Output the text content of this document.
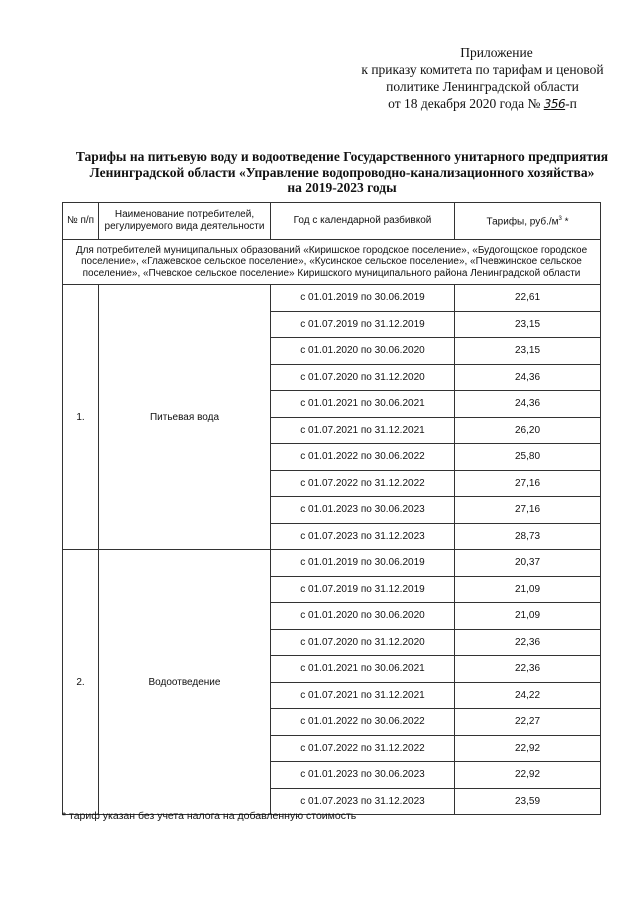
Приложение
к приказу комитета по тарифам и ценовой
политике Ленинградской области
от 18 декабря 2020 года № 356-п
Тарифы на питьевую воду и водоотведение Государственного унитарного предприятия
Ленинградской области «Управление водопроводно-канализационного хозяйства»
на 2019-2023 годы
№ п/п	Наименование потребителей, регулируемого вида деятельности	Год с календарной разбивкой	Тарифы, $руб./м^3$ *
Для потребителей муниципальных образований «Киришское городское поселение», «Будогощское городское поселение», «Глажевское сельское поселение», «Кусинское сельское поселение», «Пчевжинское сельское поселение», «Пчевское сельское поселение» Киришского муниципального района Ленинградской области			
1.	Питьевая вода	с 01.01.2019 по 30.06.2019	22,61
		с 01.07.2019 по 31.12.2019	23,15
		с 01.01.2020 по 30.06.2020	23,15
		с 01.07.2020 по 31.12.2020	24,36
		с 01.01.2021 по 30.06.2021	24,36
		с 01.07.2021 по 31.12.2021	26,20
		с 01.01.2022 по 30.06.2022	25,80
		с 01.07.2022 по 31.12.2022	27,16
		с 01.01.2023 по 30.06.2023	27,16
		с 01.07.2023 по 31.12.2023	28,73
2.	Водоотведение	с 01.01.2019 по 30.06.2019	20,37
		с 01.07.2019 по 31.12.2019	21,09
		с 01.01.2020 по 30.06.2020	21,09
		с 01.07.2020 по 31.12.2020	22,36
		с 01.01.2021 по 30.06.2021	22,36
		с 01.07.2021 по 31.12.2021	24,22
		с 01.01.2022 по 30.06.2022	22,27
		с 01.07.2022 по 31.12.2022	22,92
		с 01.01.2023 по 30.06.2023	22,92
		с 01.07.2023 по 31.12.2023	23,59
* тариф указан без учета налога на добавленную стоимость
